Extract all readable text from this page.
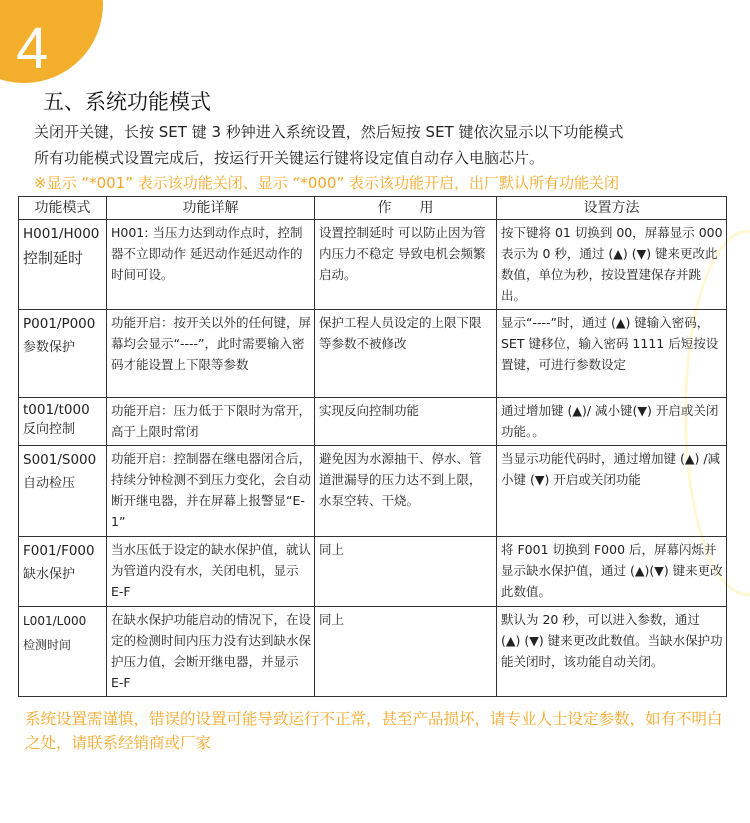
4
五、系统功能模式
关闭开关键，长按 SET 键 3 秒钟进入系统设置，然后短按 SET 键依次显示以下功能模式
所有功能模式设置完成后，按运行开关键运行键将设定值自动存入电脑芯片。
※显示 “*001” 表示该功能关闭、显示 “*000” 表示该功能开启，出厂默认所有功能关闭
功能模式	功能详解	作　　用	设置方法

H001/H000
控制延时	H001: 当压力达到动作点时，控制器不立即动作 延迟动作延迟动作的时间可设。	设置控制延时 可以防止因为管内压力不稳定 导致电机会频繁启动。	按下键将 01 切换到 00，屏幕显示 000 表示为 0 秒，通过 (▲) (▼) 键来更改此数值，单位为秒，按设置建保存并跳出。

P001/P000
参数保护	功能开启：按开关以外的任何键，屏幕均会显示“----”，此时需要输入密码才能设置上下限等参数	保护工程人员设定的上限下限等参数不被修改	显示“----”时，通过 (▲) 键输入密码，SET 键移位，输入密码 1111 后短按设置键，可进行参数设定

t001/t000
反向控制	功能开启：压力低于下限时为常开，高于上限时常闭	实现反向控制功能	通过增加键 (▲)/ 减小键(▼) 开启或关闭功能。。

S001/S000
自动检压	功能开启：控制器在继电器闭合后，持续分钟检测不到压力变化，会自动断开继电器，并在屏幕上报警显“E-1”	避免因为水源抽干、停水、管道泄漏导的压力达不到上限，水泵空转、干烧。	当显示功能代码时，通过增加键 (▲) /减小键 (▼) 开启或关闭功能

F001/F000
缺水保护	当水压低于设定的缺水保护值，就认为管道内没有水，关闭电机，显示 E-F	同上	将 F001 切换到 F000 后，屏幕闪烁并显示缺水保护值，通过 (▲)(▼) 键来更改此数值。

L001/L000
检测时间	在缺水保护功能启动的情况下，在设定的检测时间内压力没有达到缺水保护压力值，会断开继电器，并显示 E-F	同上	默认为 20 秒，可以进入参数，通过 (▲) (▼) 键来更改此数值。当缺水保护功能关闭时，该功能自动关闭。
系统设置需谨慎，错误的设置可能导致运行不正常，甚至产品损坏，请专业人士设定参数，如有不明白之处，请联系经销商或厂家
